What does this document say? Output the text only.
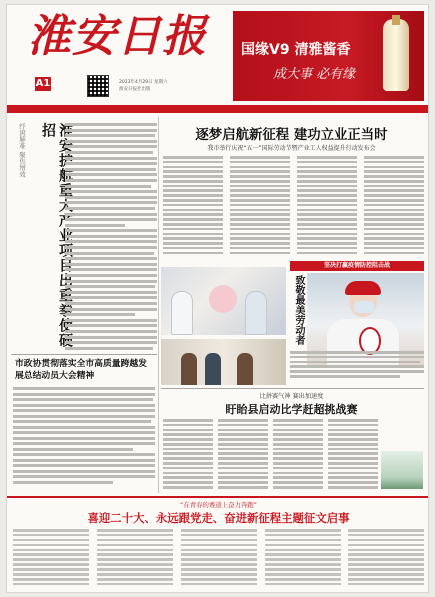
淮安日报
A1	2023年4月29日 星期六
淮安日报社出版
国缘V9 清雅酱香
成大事 必有缘
纾困解难 聚焦增效	淮安护航重大产业项目出重 招
市政协贯彻落实全市高质量跨越发展总结动员大会精神
逐梦启航新征程 建功立业正当时
我市举行庆祝“五一”国际劳动节暨产业工人权益提升行动发布会
坚决打赢疫情防控阻击战
致敬最美劳动者
比拼赛气神 赛出加速度
盱眙县启动比学赶超挑战赛
“在青春的赛道上奋力奔跑”
喜迎二十大、永远跟党走、奋进新征程主题征文启事
